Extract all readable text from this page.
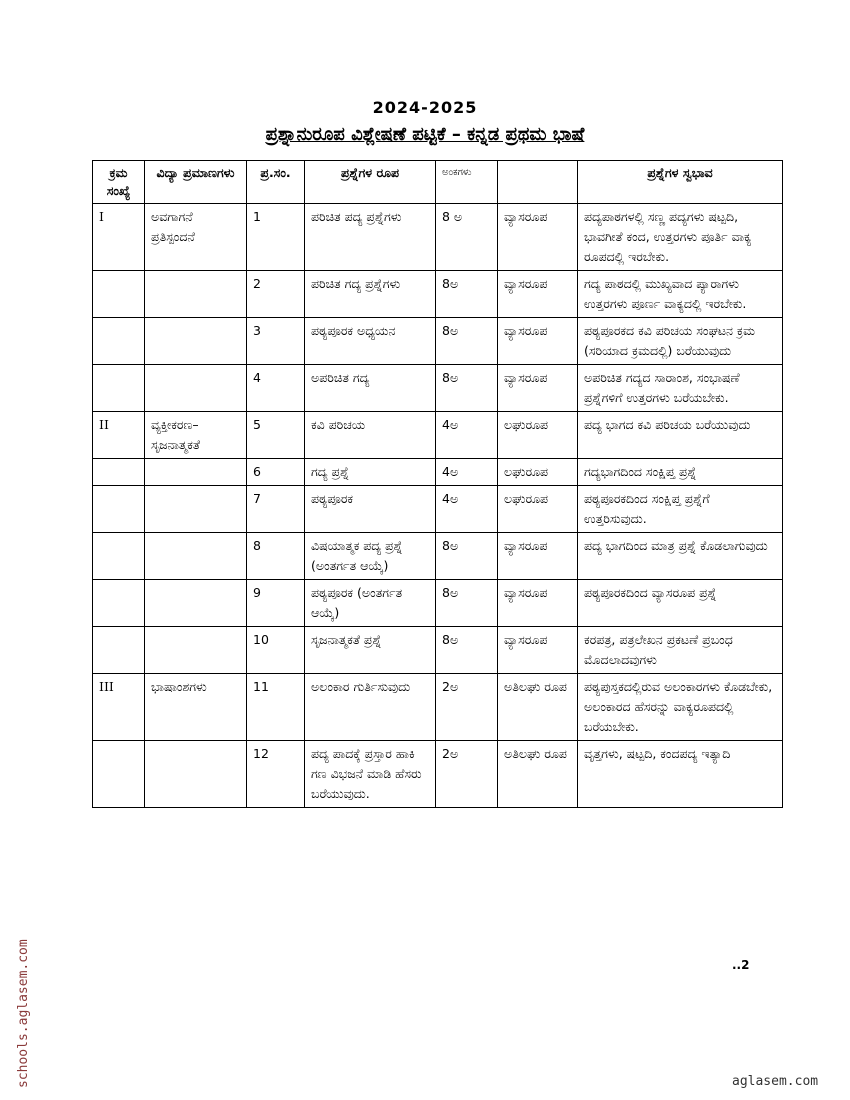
2024-2025
ಪ್ರಶ್ನಾನುರೂಪ ವಿಶ್ಲೇಷಣೆ ಪಟ್ಟಿಕೆ – ಕನ್ನಡ ಪ್ರಥಮ ಭಾಷೆ
ಕ್ರಮ ಸಂಖ್ಯೆ	ವಿದ್ಯಾ ಪ್ರಮಾಣಗಳು	ಪ್ರ.ಸಂ.	ಪ್ರಶ್ನೆಗಳ ರೂಪ	ಅಂಕಗಳು		ಪ್ರಶ್ನೆಗಳ ಸ್ವಭಾವ
I	ಅವಗಾಗನೆ ಪ್ರತಿಸ್ಪಂದನೆ	1	ಪರಿಚಿತ ಪದ್ಯ ಪ್ರಶ್ನೆಗಳು	8 ಅ	ವ್ಯಾಸರೂಪ	ಪದ್ಯಪಾಠಗಳಲ್ಲಿ ಸಣ್ಣ ಪದ್ಯಗಳು ಷಟ್ಪದಿ, ಭಾವಗೀತೆ ಕಂದ, ಉತ್ತರಗಳು ಪೂರ್ತಿ ವಾಕ್ಯ ರೂಪದಲ್ಲಿ ಇರಬೇಕು.
		2	ಪರಿಚಿತ ಗದ್ಯ ಪ್ರಶ್ನೆಗಳು	8ಅ	ವ್ಯಾಸರೂಪ	ಗದ್ಯ ಪಾಠದಲ್ಲಿ ಮುಖ್ಯವಾದ ಪ್ಯಾರಾಗಳು ಉತ್ತರಗಳು ಪೂರ್ಣ ವಾಕ್ಯದಲ್ಲಿ ಇರಬೇಕು.
		3	ಪಠ್ಯಪೂರಕ ಅಧ್ಯಯನ	8ಅ	ವ್ಯಾಸರೂಪ	ಪಠ್ಯಪೂರಕದ ಕವಿ ಪರಿಚಯ ಸಂಘಟನ ಕ್ರಮ (ಸರಿಯಾದ ಕ್ರಮದಲ್ಲಿ) ಬರೆಯುವುದು
		4	ಅಪರಿಚಿತ ಗದ್ಯ	8ಅ	ವ್ಯಾಸರೂಪ	ಅಪರಿಚಿತ ಗದ್ಯದ ಸಾರಾಂಶ, ಸಂಭಾಷಣೆ ಪ್ರಶ್ನೆಗಳಿಗೆ ಉತ್ತರಗಳು ಬರೆಯಬೇಕು.
II	ವ್ಯಕ್ತೀಕರಣ– ಸೃಜನಾತ್ಮಕತೆ	5	ಕವಿ ಪರಿಚಯ	4ಅ	ಲಘುರೂಪ	ಪದ್ಯ ಭಾಗದ ಕವಿ ಪರಿಚಯ ಬರೆಯುವುದು
		6	ಗದ್ಯ ಪ್ರಶ್ನೆ	4ಅ	ಲಘುರೂಪ	ಗದ್ಯಭಾಗದಿಂದ ಸಂಕ್ಷಿಪ್ತ ಪ್ರಶ್ನೆ
		7	ಪಠ್ಯಪೂರಕ	4ಅ	ಲಘುರೂಪ	ಪಠ್ಯಪೂರಕದಿಂದ ಸಂಕ್ಷಿಪ್ತ ಪ್ರಶ್ನೆಗೆ ಉತ್ತರಿಸುವುದು.
		8	ವಿಷಯಾತ್ಮಕ ಪದ್ಯ ಪ್ರಶ್ನೆ (ಅಂತರ್ಗತ ಆಯ್ಕೆ)	8ಅ	ವ್ಯಾಸರೂಪ	ಪದ್ಯ ಭಾಗದಿಂದ ಮಾತ್ರ ಪ್ರಶ್ನೆ ಕೊಡಲಾಗುವುದು
		9	ಪಠ್ಯಪೂರಕ (ಅಂತರ್ಗತ ಆಯ್ಕೆ)	8ಅ	ವ್ಯಾಸರೂಪ	ಪಠ್ಯಪೂರಕದಿಂದ ವ್ಯಾಸರೂಪ ಪ್ರಶ್ನೆ
		10	ಸೃಜನಾತ್ಮಕತೆ ಪ್ರಶ್ನೆ	8ಅ	ವ್ಯಾಸರೂಪ	ಕರಪತ್ರ, ಪತ್ರಲೇಖನ ಪ್ರಕಟಣೆ ಪ್ರಬಂಧ ಮೊದಲಾದವುಗಳು
III	ಭಾಷಾಂಶಗಳು	11	ಅಲಂಕಾರ ಗುರ್ತಿಸುವುದು	2ಅ	ಅತಿಲಘು ರೂಪ	ಪಠ್ಯಪುಸ್ತಕದಲ್ಲಿರುವ ಅಲಂಕಾರಗಳು ಕೊಡಬೇಕು, ಅಲಂಕಾರದ ಹೆಸರನ್ನು ವಾಕ್ಯರೂಪದಲ್ಲಿ ಬರೆಯಬೇಕು.
		12	ಪದ್ಯ ಪಾದಕ್ಕೆ ಪ್ರಸ್ತಾರ ಹಾಕಿ ಗಣ ವಿಭಜನೆ ಮಾಡಿ ಹೆಸರು ಬರೆಯುವುದು.	2ಅ	ಅತಿಲಘು ರೂಪ	ವೃತ್ತಗಳು, ಷಟ್ಪದಿ, ಕಂದಪದ್ಯ ಇತ್ಯಾದಿ
..2
schools.aglasem.com	aglasem.com
